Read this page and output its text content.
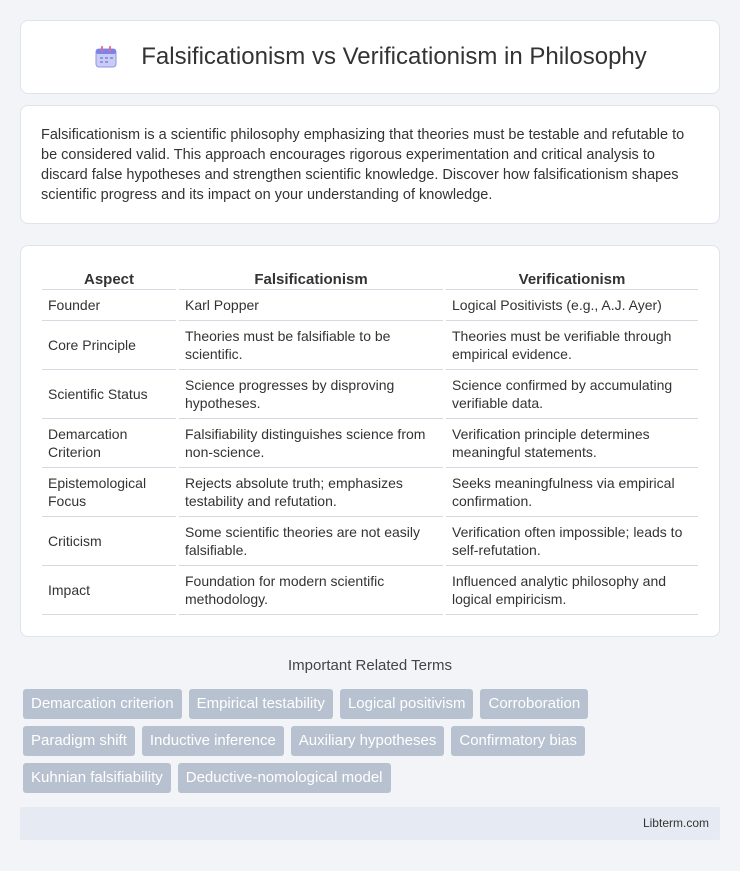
Falsificationism vs Verificationism in Philosophy

Falsificationism is a scientific philosophy emphasizing that theories must be testable and refutable to be considered valid. This approach encourages rigorous experimentation and critical analysis to discard false hypotheses and strengthen scientific knowledge. Discover how falsificationism shapes scientific progress and its impact on your understanding of knowledge.

Aspect	Falsificationism	Verificationism
Founder	Karl Popper	Logical Positivists (e.g., A.J. Ayer)
Core Principle	Theories must be falsifiable to be scientific.	Theories must be verifiable through empirical evidence.
Scientific Status	Science progresses by disproving hypotheses.	Science confirmed by accumulating verifiable data.
Demarcation Criterion	Falsifiability distinguishes science from non-science.	Verification principle determines meaningful statements.
Epistemological Focus	Rejects absolute truth; emphasizes testability and refutation.	Seeks meaningfulness via empirical confirmation.
Criticism	Some scientific theories are not easily falsifiable.	Verification often impossible; leads to self-refutation.
Impact	Foundation for modern scientific methodology.	Influenced analytic philosophy and logical empiricism.
Important Related Terms
Demarcation criterion	Empirical testability	Logical positivism	Corroboration
Paradigm shift	Inductive inference	Auxiliary hypotheses	Confirmatory bias
Kuhnian falsifiability	Deductive-nomological model
Libterm.com
